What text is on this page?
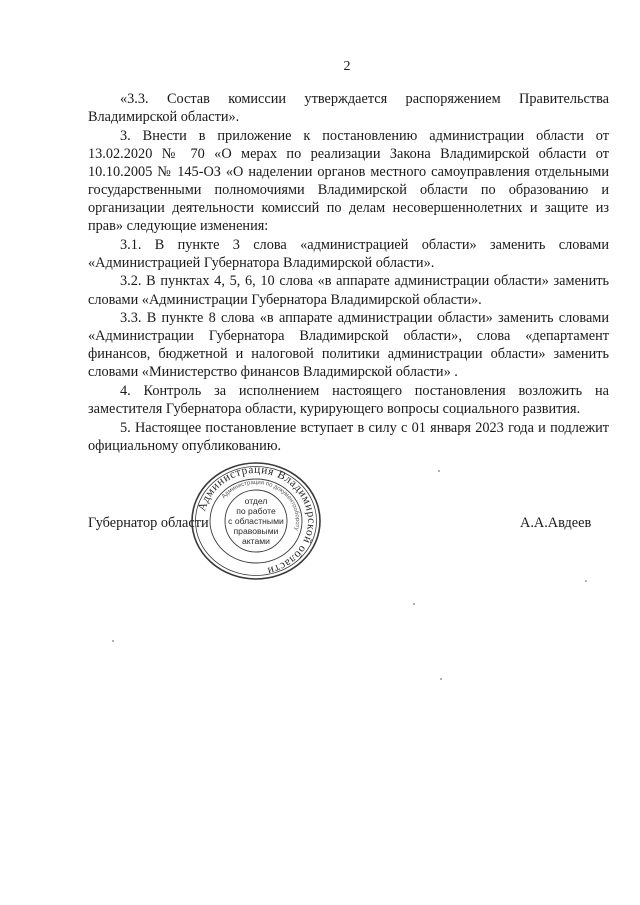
2

«3.3. Состав комиссии утверждается распоряжением Правительства Владимирской области».

3. Внести в приложение к постановлению администрации области от 13.02.2020 № 70 «О мерах по реализации Закона Владимирской области от 10.10.2005 № 145-ОЗ «О наделении органов местного самоуправления отдельными государственными полномочиями Владимирской области по образованию и организации деятельности комиссий по делам несовершеннолетних и защите из прав» следующие изменения:

3.1. В пункте 3 слова «администрацией области» заменить словами «Администрацией Губернатора Владимирской области».

3.2. В пунктах 4, 5, 6, 10 слова «в аппарате администрации области» заменить словами «Администрации Губернатора Владимирской области».

3.3. В пункте 8 слова «в аппарате администрации области» заменить словами «Администрации Губернатора Владимирской области», слова «департамент финансов, бюджетной и налоговой политики администрации области» заменить словами «Министерство финансов Владимирской области» .

4. Контроль за исполнением настоящего постановления возложить на заместителя Губернатора области, курирующего вопросы социального развития.

5. Настоящее постановление вступает в силу с 01 января 2023 года и подлежит официальному опубликованию.

Администрация Владимирской области
Администрация по документообороту
отдел
по работе
с областными
правовыми
актами
Губернатор области	А.А.Авдеев
